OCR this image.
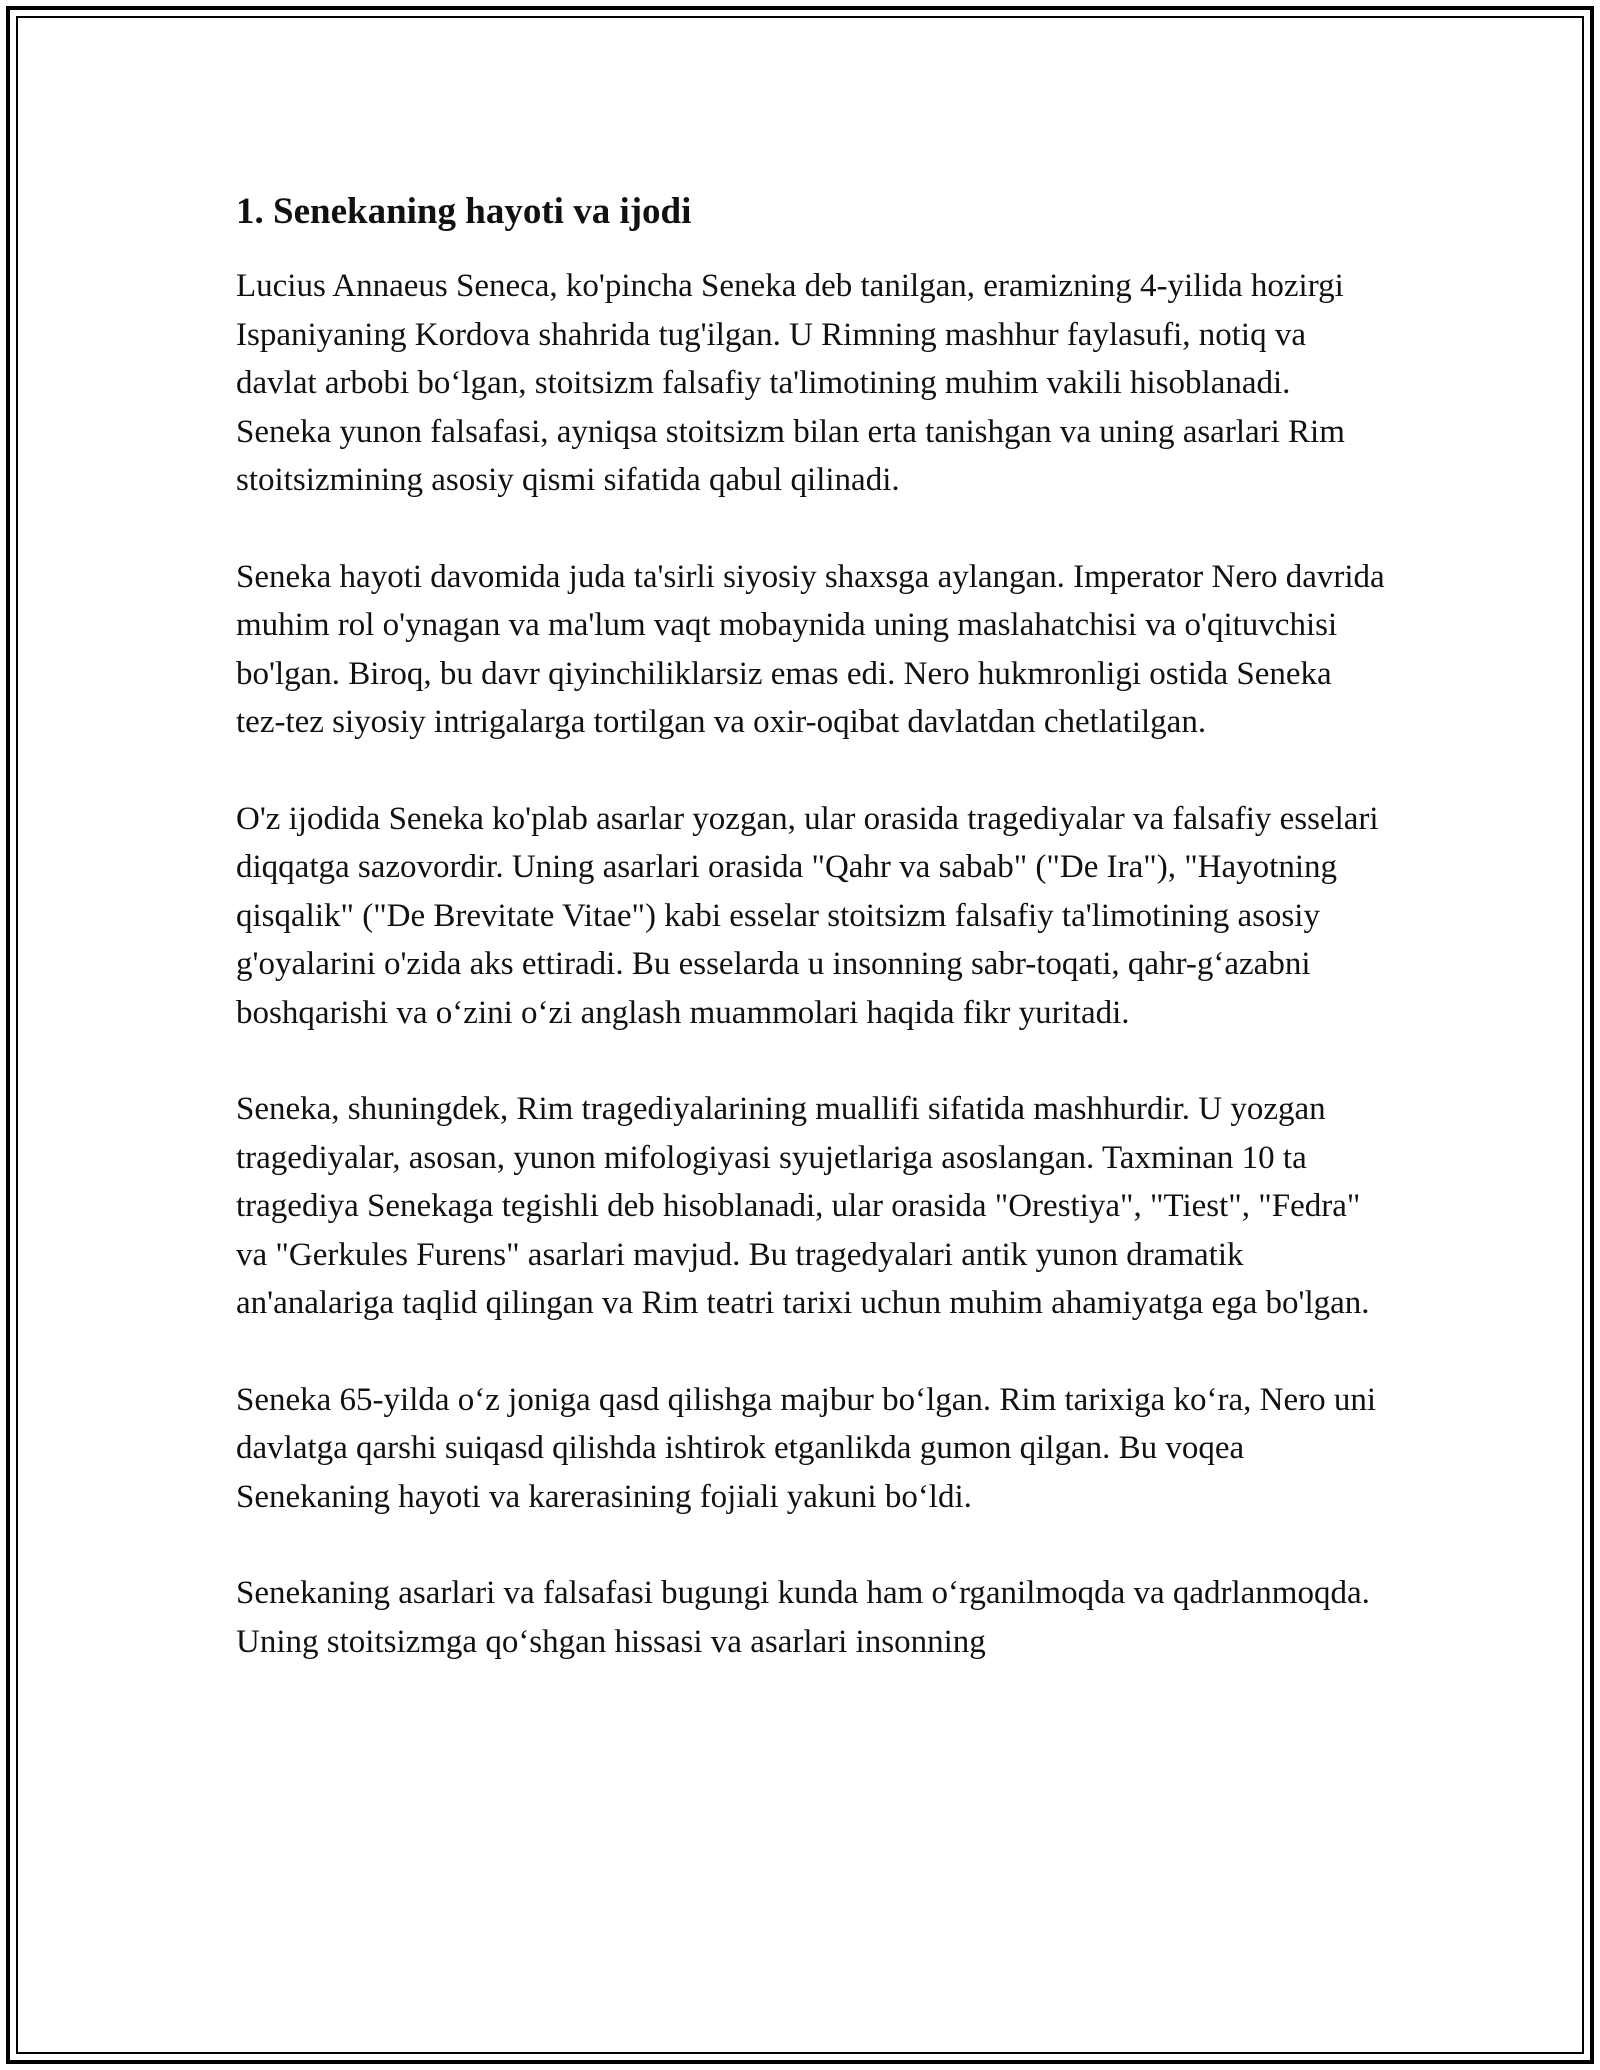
1. Senekaning hayoti va ijodi

Lucius Annaeus Seneca, ko'pincha Seneka deb tanilgan, eramizning 4-yilida hozirgi Ispaniyaning Kordova shahrida tug'ilgan. U Rimning mashhur faylasufi, notiq va davlat arbobi bo‘lgan, stoitsizm falsafiy ta'limotining muhim vakili hisoblanadi. Seneka yunon falsafasi, ayniqsa stoitsizm bilan erta tanishgan va uning asarlari Rim stoitsizmining asosiy qismi sifatida qabul qilinadi.

Seneka hayoti davomida juda ta'sirli siyosiy shaxsga aylangan. Imperator Nero davrida muhim rol o'ynagan va ma'lum vaqt mobaynida uning maslahatchisi va o'qituvchisi bo'lgan. Biroq, bu davr qiyinchiliklarsiz emas edi. Nero hukmronligi ostida Seneka tez-tez siyosiy intrigalarga tortilgan va oxir-oqibat davlatdan chetlatilgan.

O'z ijodida Seneka ko'plab asarlar yozgan, ular orasida tragediyalar va falsafiy esselari diqqatga sazovordir. Uning asarlari orasida "Qahr va sabab" ("De Ira"), "Hayotning qisqalik" ("De Brevitate Vitae") kabi esselar stoitsizm falsafiy ta'limotining asosiy g'oyalarini o'zida aks ettiradi. Bu esselarda u insonning sabr-toqati, qahr-g‘azabni boshqarishi va o‘zini o‘zi anglash muammolari haqida fikr yuritadi.

Seneka, shuningdek, Rim tragediyalarining muallifi sifatida mashhurdir. U yozgan tragediyalar, asosan, yunon mifologiyasi syujetlariga asoslangan. Taxminan 10 ta tragediya Senekaga tegishli deb hisoblanadi, ular orasida "Orestiya", "Tiest", "Fedra" va "Gerkules Furens" asarlari mavjud. Bu tragedyalari antik yunon dramatik an'analariga taqlid qilingan va Rim teatri tarixi uchun muhim ahamiyatga ega bo'lgan.

Seneka 65-yilda o‘z joniga qasd qilishga majbur bo‘lgan. Rim tarixiga ko‘ra, Nero uni davlatga qarshi suiqasd qilishda ishtirok etganlikda gumon qilgan. Bu voqea Senekaning hayoti va karerasining fojiali yakuni bo‘ldi.

Senekaning asarlari va falsafasi bugungi kunda ham o‘rganilmoqda va qadrlanmoqda. Uning stoitsizmga qo‘shgan hissasi va asarlari insonning
